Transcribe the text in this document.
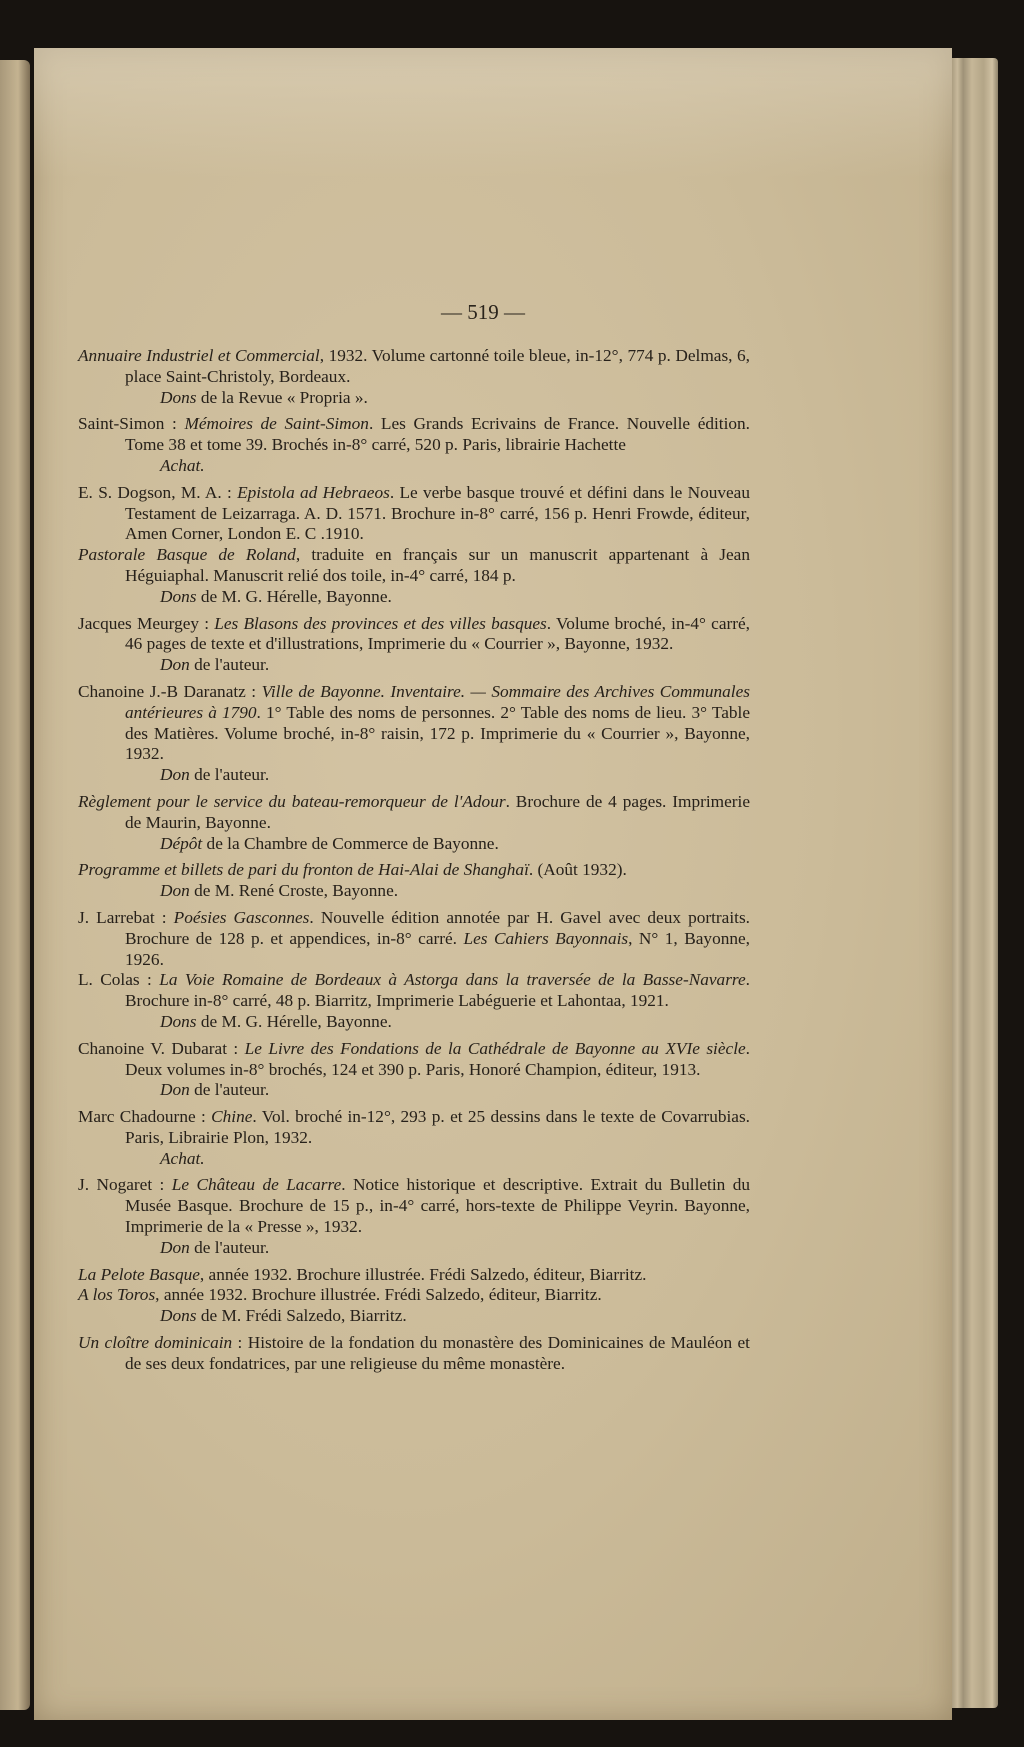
— 519 —
Annuaire Industriel et Commercial, 1932. Volume cartonné toile bleue, in-12°, 774 p. Delmas, 6, place Saint-Christoly, Bordeaux.
Dons de la Revue « Propria ».
Saint-Simon : Mémoires de Saint-Simon. Les Grands Ecrivains de France. Nouvelle édition. Tome 38 et tome 39. Brochés in-8° carré, 520 p. Paris, librairie Hachette
Achat.
E. S. Dogson, M. A. : Epistola ad Hebraeos. Le verbe basque trouvé et défini dans le Nouveau Testament de Leizarraga. A. D. 1571. Brochure in-8° carré, 156 p. Henri Frowde, éditeur, Amen Corner, London E. C .1910.
Pastorale Basque de Roland, traduite en français sur un manuscrit appartenant à Jean Héguiaphal. Manuscrit relié dos toile, in-4° carré, 184 p.
Dons de M. G. Hérelle, Bayonne.
Jacques Meurgey : Les Blasons des provinces et des villes basques. Volume broché, in-4° carré, 46 pages de texte et d'illustrations, Imprimerie du « Courrier », Bayonne, 1932.
Don de l'auteur.
Chanoine J.-B Daranatz : Ville de Bayonne. Inventaire. — Sommaire des Archives Communales antérieures à 1790. 1° Table des noms de personnes. 2° Table des noms de lieu. 3° Table des Matières. Volume broché, in-8° raisin, 172 p. Imprimerie du « Courrier », Bayonne, 1932.
Don de l'auteur.
Règlement pour le service du bateau-remorqueur de l'Adour. Brochure de 4 pages. Imprimerie de Maurin, Bayonne.
Dépôt de la Chambre de Commerce de Bayonne.
Programme et billets de pari du fronton de Hai-Alai de Shanghaï. (Août 1932).
Don de M. René Croste, Bayonne.
J. Larrebat : Poésies Gasconnes. Nouvelle édition annotée par H. Gavel avec deux portraits. Brochure de 128 p. et appendices, in-8° carré. Les Cahiers Bayonnais, N° 1, Bayonne, 1926.
L. Colas : La Voie Romaine de Bordeaux à Astorga dans la traversée de la Basse-Navarre. Brochure in-8° carré, 48 p. Biarritz, Imprimerie Labéguerie et Lahontaa, 1921.
Dons de M. G. Hérelle, Bayonne.
Chanoine V. Dubarat : Le Livre des Fondations de la Cathédrale de Bayonne au XVIe siècle. Deux volumes in-8° brochés, 124 et 390 p. Paris, Honoré Champion, éditeur, 1913.
Don de l'auteur.
Marc Chadourne : Chine. Vol. broché in-12°, 293 p. et 25 dessins dans le texte de Covarrubias. Paris, Librairie Plon, 1932.
Achat.
J. Nogaret : Le Château de Lacarre. Notice historique et descriptive. Extrait du Bulletin du Musée Basque. Brochure de 15 p., in-4° carré, hors-texte de Philippe Veyrin. Bayonne, Imprimerie de la « Presse », 1932.
Don de l'auteur.
La Pelote Basque, année 1932. Brochure illustrée. Frédi Salzedo, éditeur, Biarritz.
A los Toros, année 1932. Brochure illustrée. Frédi Salzedo, éditeur, Biarritz.
Dons de M. Frédi Salzedo, Biarritz.
Un cloître dominicain : Histoire de la fondation du monastère des Dominicaines de Mauléon et de ses deux fondatrices, par une religieuse du même monastère.
